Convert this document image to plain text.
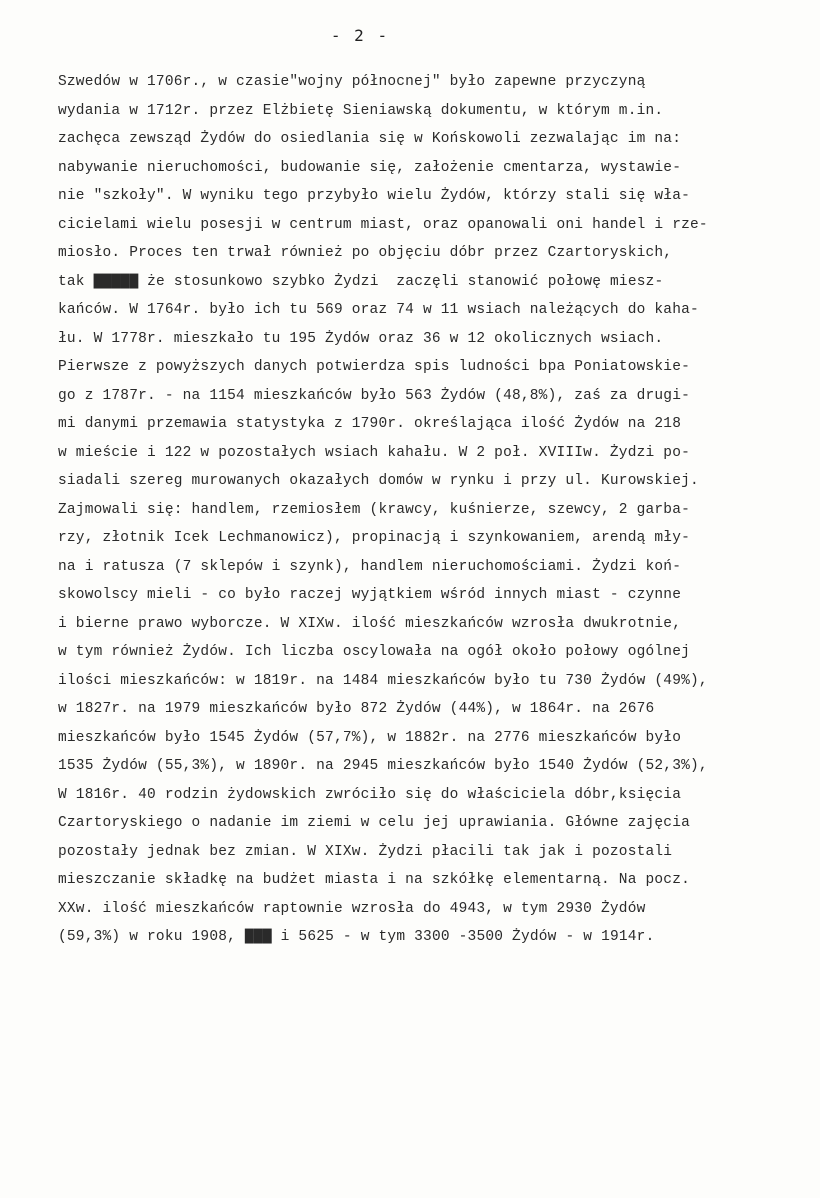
- 2 -
Szwedów w 1706r., w czasie"wojny północnej" było zapewne przyczyną
wydania w 1712r. przez Elżbietę Sieniawską dokumentu, w którym m.in.
zachęca zewsząd Żydów do osiedlania się w Końskowoli zezwalając im na:
nabywanie nieruchomości, budowanie się, założenie cmentarza, wystawie-
nie "szkoły". W wyniku tego przybyło wielu Żydów, którzy stali się wła-
cicielami wielu posesji w centrum miast, oraz opanowali oni handel i rze-
miosło. Proces ten trwał również po objęciu dóbr przez Czartoryskich,
tak ▇▇▇▇▇ że stosunkowo szybko Żydzi  zaczęli stanowić połowę miesz-
kańców. W 1764r. było ich tu 569 oraz 74 w 11 wsiach należących do kaha-
łu. W 1778r. mieszkało tu 195 Żydów oraz 36 w 12 okolicznych wsiach.
Pierwsze z powyższych danych potwierdza spis ludności bpa Poniatowskie-
go z 1787r. - na 1154 mieszkańców było 563 Żydów (48,8%), zaś za drugi-
mi danymi przemawia statystyka z 1790r. określająca ilość Żydów na 218
w mieście i 122 w pozostałych wsiach kahału. W 2 poł. XVIIIw. Żydzi po-
siadali szereg murowanych okazałych domów w rynku i przy ul. Kurowskiej.
Zajmowali się: handlem, rzemiosłem (krawcy, kuśnierze, szewcy, 2 garba-
rzy, złotnik Icek Lechmanowicz), propinacją i szynkowaniem, arendą mły-
na i ratusza (7 sklepów i szynk), handlem nieruchomościami. Żydzi koń-
skowolscy mieli - co było raczej wyjątkiem wśród innych miast - czynne
i bierne prawo wyborcze. W XIXw. ilość mieszkańców wzrosła dwukrotnie,
w tym również Żydów. Ich liczba oscylowała na ogół około połowy ogólnej
ilości mieszkańców: w 1819r. na 1484 mieszkańców było tu 730 Żydów (49%),
w 1827r. na 1979 mieszkańców było 872 Żydów (44%), w 1864r. na 2676
mieszkańców było 1545 Żydów (57,7%), w 1882r. na 2776 mieszkańców było
1535 Żydów (55,3%), w 1890r. na 2945 mieszkańców było 1540 Żydów (52,3%),
W 1816r. 40 rodzin żydowskich zwróciło się do właściciela dóbr,księcia
Czartoryskiego o nadanie im ziemi w celu jej uprawiania. Główne zajęcia
pozostały jednak bez zmian. W XIXw. Żydzi płacili tak jak i pozostali
mieszczanie składkę na budżet miasta i na szkółkę elementarną. Na pocz.
XXw. ilość mieszkańców raptownie wzrosła do 4943, w tym 2930 Żydów
(59,3%) w roku 1908, ▇▇▇ i 5625 - w tym 3300 -3500 Żydów - w 1914r.
